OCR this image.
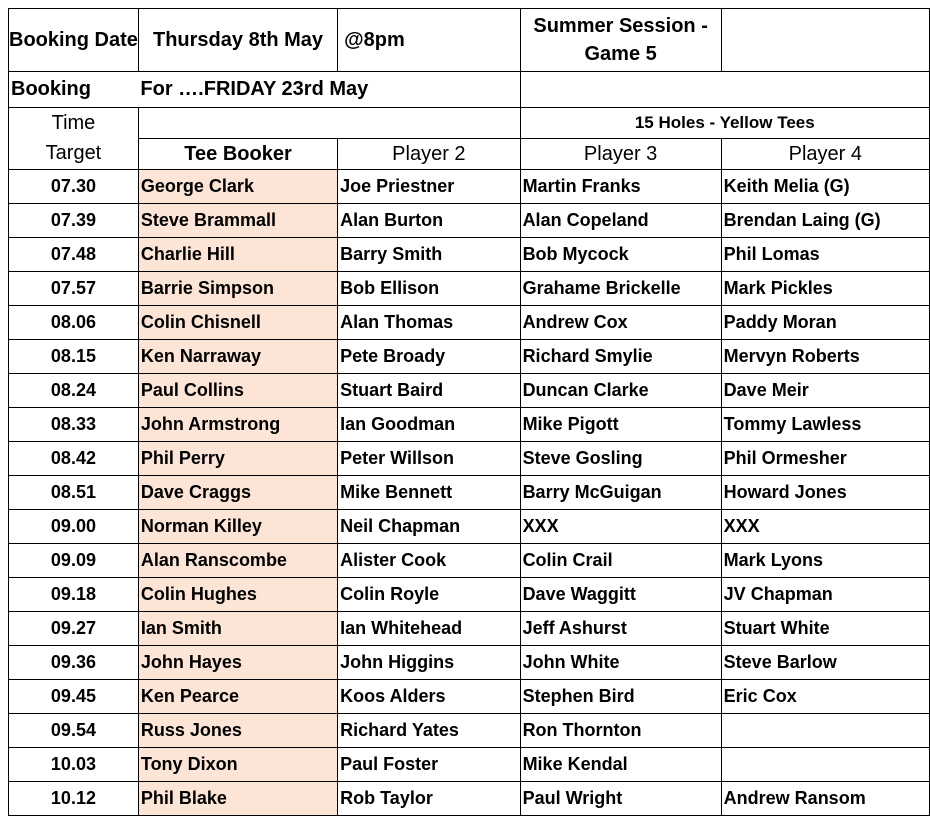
Booking Date	Thursday 8th May	@8pm	Summer Session - Game 5	
Booking	For ….FRIDAY 23rd May			
Time			15 Holes - Yellow Tees	
Target	Tee Booker	Player 2	Player 3	Player 4
07.30	George Clark	Joe Priestner	Martin Franks	Keith Melia (G)
07.39	Steve Brammall	Alan Burton	Alan Copeland	Brendan Laing (G)
07.48	Charlie Hill	Barry Smith	Bob Mycock	Phil Lomas
07.57	Barrie Simpson	Bob Ellison	Grahame Brickelle	Mark Pickles
08.06	Colin Chisnell	Alan Thomas	Andrew Cox	Paddy Moran
08.15	Ken Narraway	Pete Broady	Richard Smylie	Mervyn Roberts
08.24	Paul Collins	Stuart Baird	Duncan Clarke	Dave Meir
08.33	John Armstrong	Ian Goodman	Mike Pigott	Tommy Lawless
08.42	Phil Perry	Peter Willson	Steve Gosling	Phil Ormesher
08.51	Dave Craggs	Mike Bennett	Barry McGuigan	Howard Jones
09.00	Norman Killey	Neil Chapman	XXX	XXX
09.09	Alan Ranscombe	Alister Cook	Colin Crail	Mark Lyons
09.18	Colin Hughes	Colin Royle	Dave Waggitt	JV Chapman
09.27	Ian Smith	Ian Whitehead	Jeff Ashurst	Stuart White
09.36	John Hayes	John Higgins	John White	Steve Barlow
09.45	Ken Pearce	Koos Alders	Stephen Bird	Eric Cox
09.54	Russ Jones	Richard Yates	Ron Thornton	
10.03	Tony Dixon	Paul Foster	Mike Kendal	
10.12	Phil Blake	Rob Taylor	Paul Wright	Andrew Ransom
